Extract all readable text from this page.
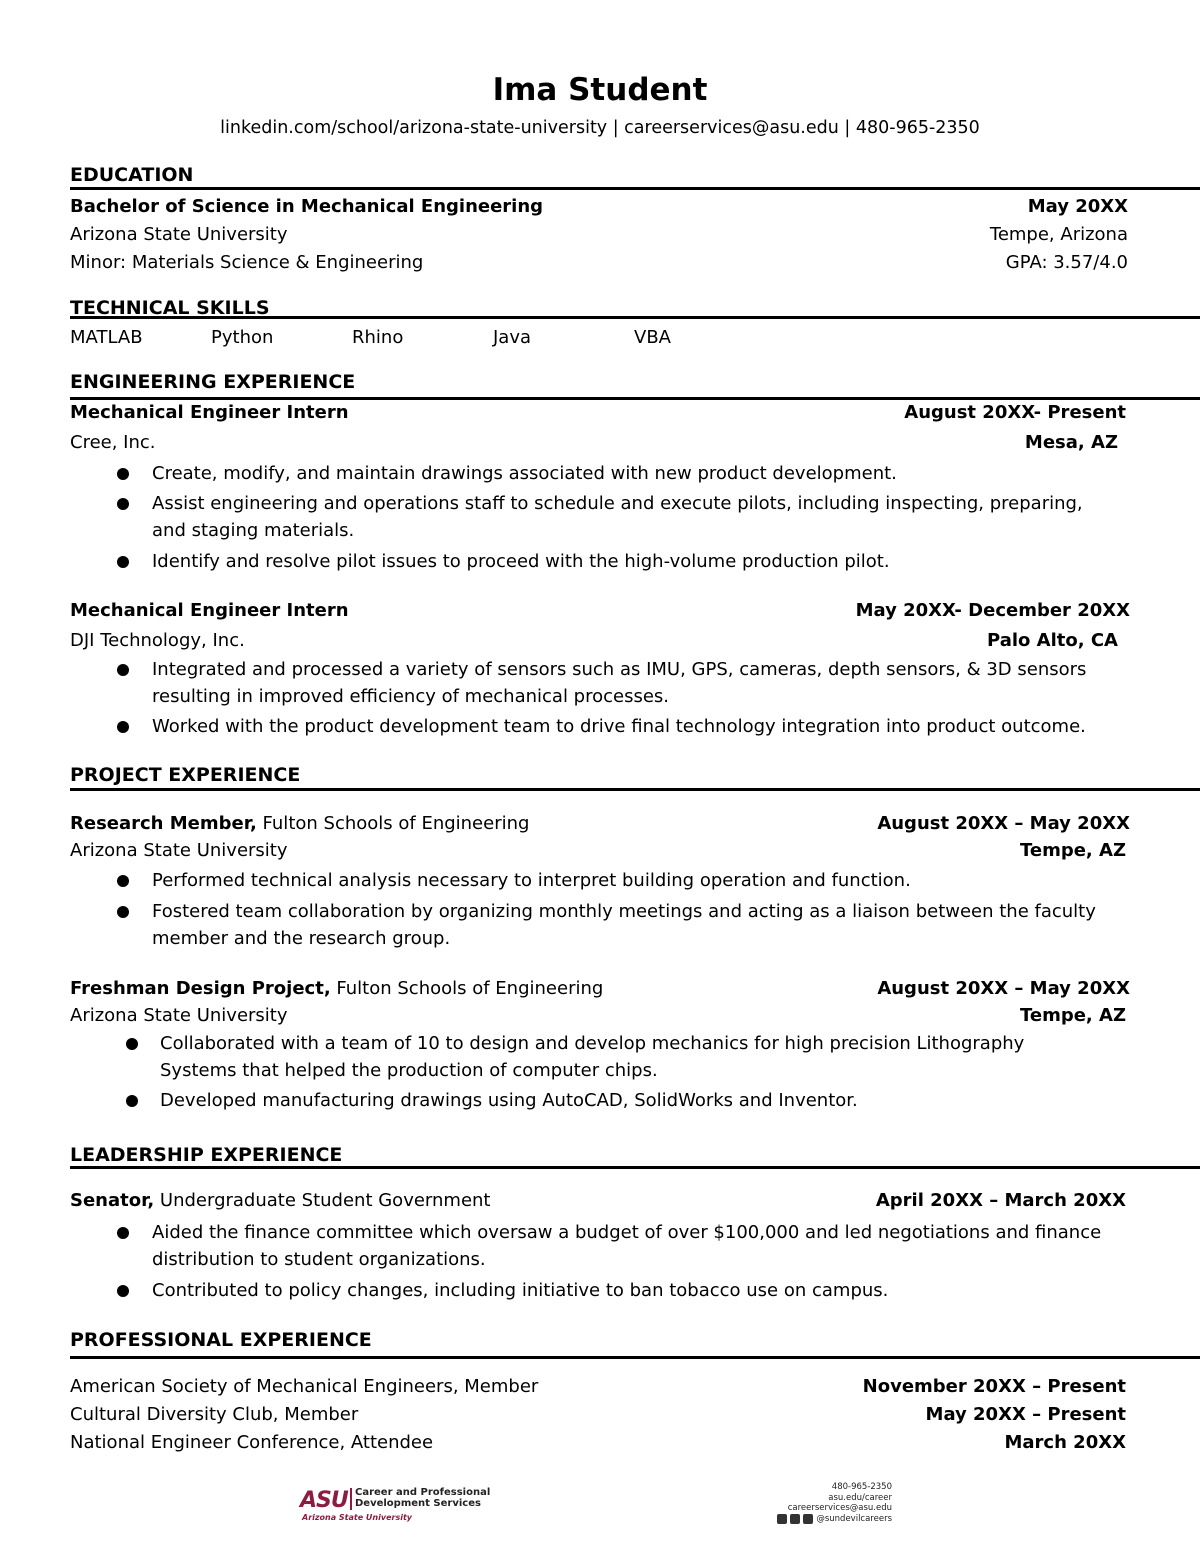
Ima Student
linkedin.com/school/arizona-state-university | careerservices@asu.edu | 480-965-2350
EDUCATION
Bachelor of Science in Mechanical Engineering	May 20XX
Arizona State University	Tempe, Arizona
Minor: Materials Science & Engineering	GPA: 3.57/4.0
TECHNICAL SKILLS
MATLAB	Python	Rhino	Java	VBA
ENGINEERING EXPERIENCE
Mechanical Engineer Intern	August 20XX- Present
Cree, Inc.	Mesa, AZ
Create, modify, and maintain drawings associated with new product development.
Assist engineering and operations staff to schedule and execute pilots, including inspecting, preparing, and staging materials.
Identify and resolve pilot issues to proceed with the high-volume production pilot.
Mechanical Engineer Intern	May 20XX- December 20XX
DJI Technology, Inc.	Palo Alto, CA
Integrated and processed a variety of sensors such as IMU, GPS, cameras, depth sensors, & 3D sensors resulting in improved efficiency of mechanical processes.
Worked with the product development team to drive final technology integration into product outcome.
PROJECT EXPERIENCE
Research Member, Fulton Schools of Engineering	August 20XX – May 20XX
Arizona State University	Tempe, AZ
Performed technical analysis necessary to interpret building operation and function.
Fostered team collaboration by organizing monthly meetings and acting as a liaison between the faculty member and the research group.
Freshman Design Project, Fulton Schools of Engineering	August 20XX – May 20XX
Arizona State University	Tempe, AZ
Collaborated with a team of 10 to design and develop mechanics for high precision Lithography Systems that helped the production of computer chips.
Developed manufacturing drawings using AutoCAD, SolidWorks and Inventor.
LEADERSHIP EXPERIENCE
Senator, Undergraduate Student Government	April 20XX – March 20XX
Aided the finance committee which oversaw a budget of over $100,000 and led negotiations and finance distribution to student organizations.
Contributed to policy changes, including initiative to ban tobacco use on campus.
PROFESSIONAL EXPERIENCE
American Society of Mechanical Engineers, Member	November 20XX – Present
Cultural Diversity Club, Member	May 20XX – Present
National Engineer Conference, Attendee	March 20XX
ASU Career and Professional
Development Services
Arizona State University
480-965-2350
asu.edu/career
careerservices@asu.edu
@sundevilcareers
